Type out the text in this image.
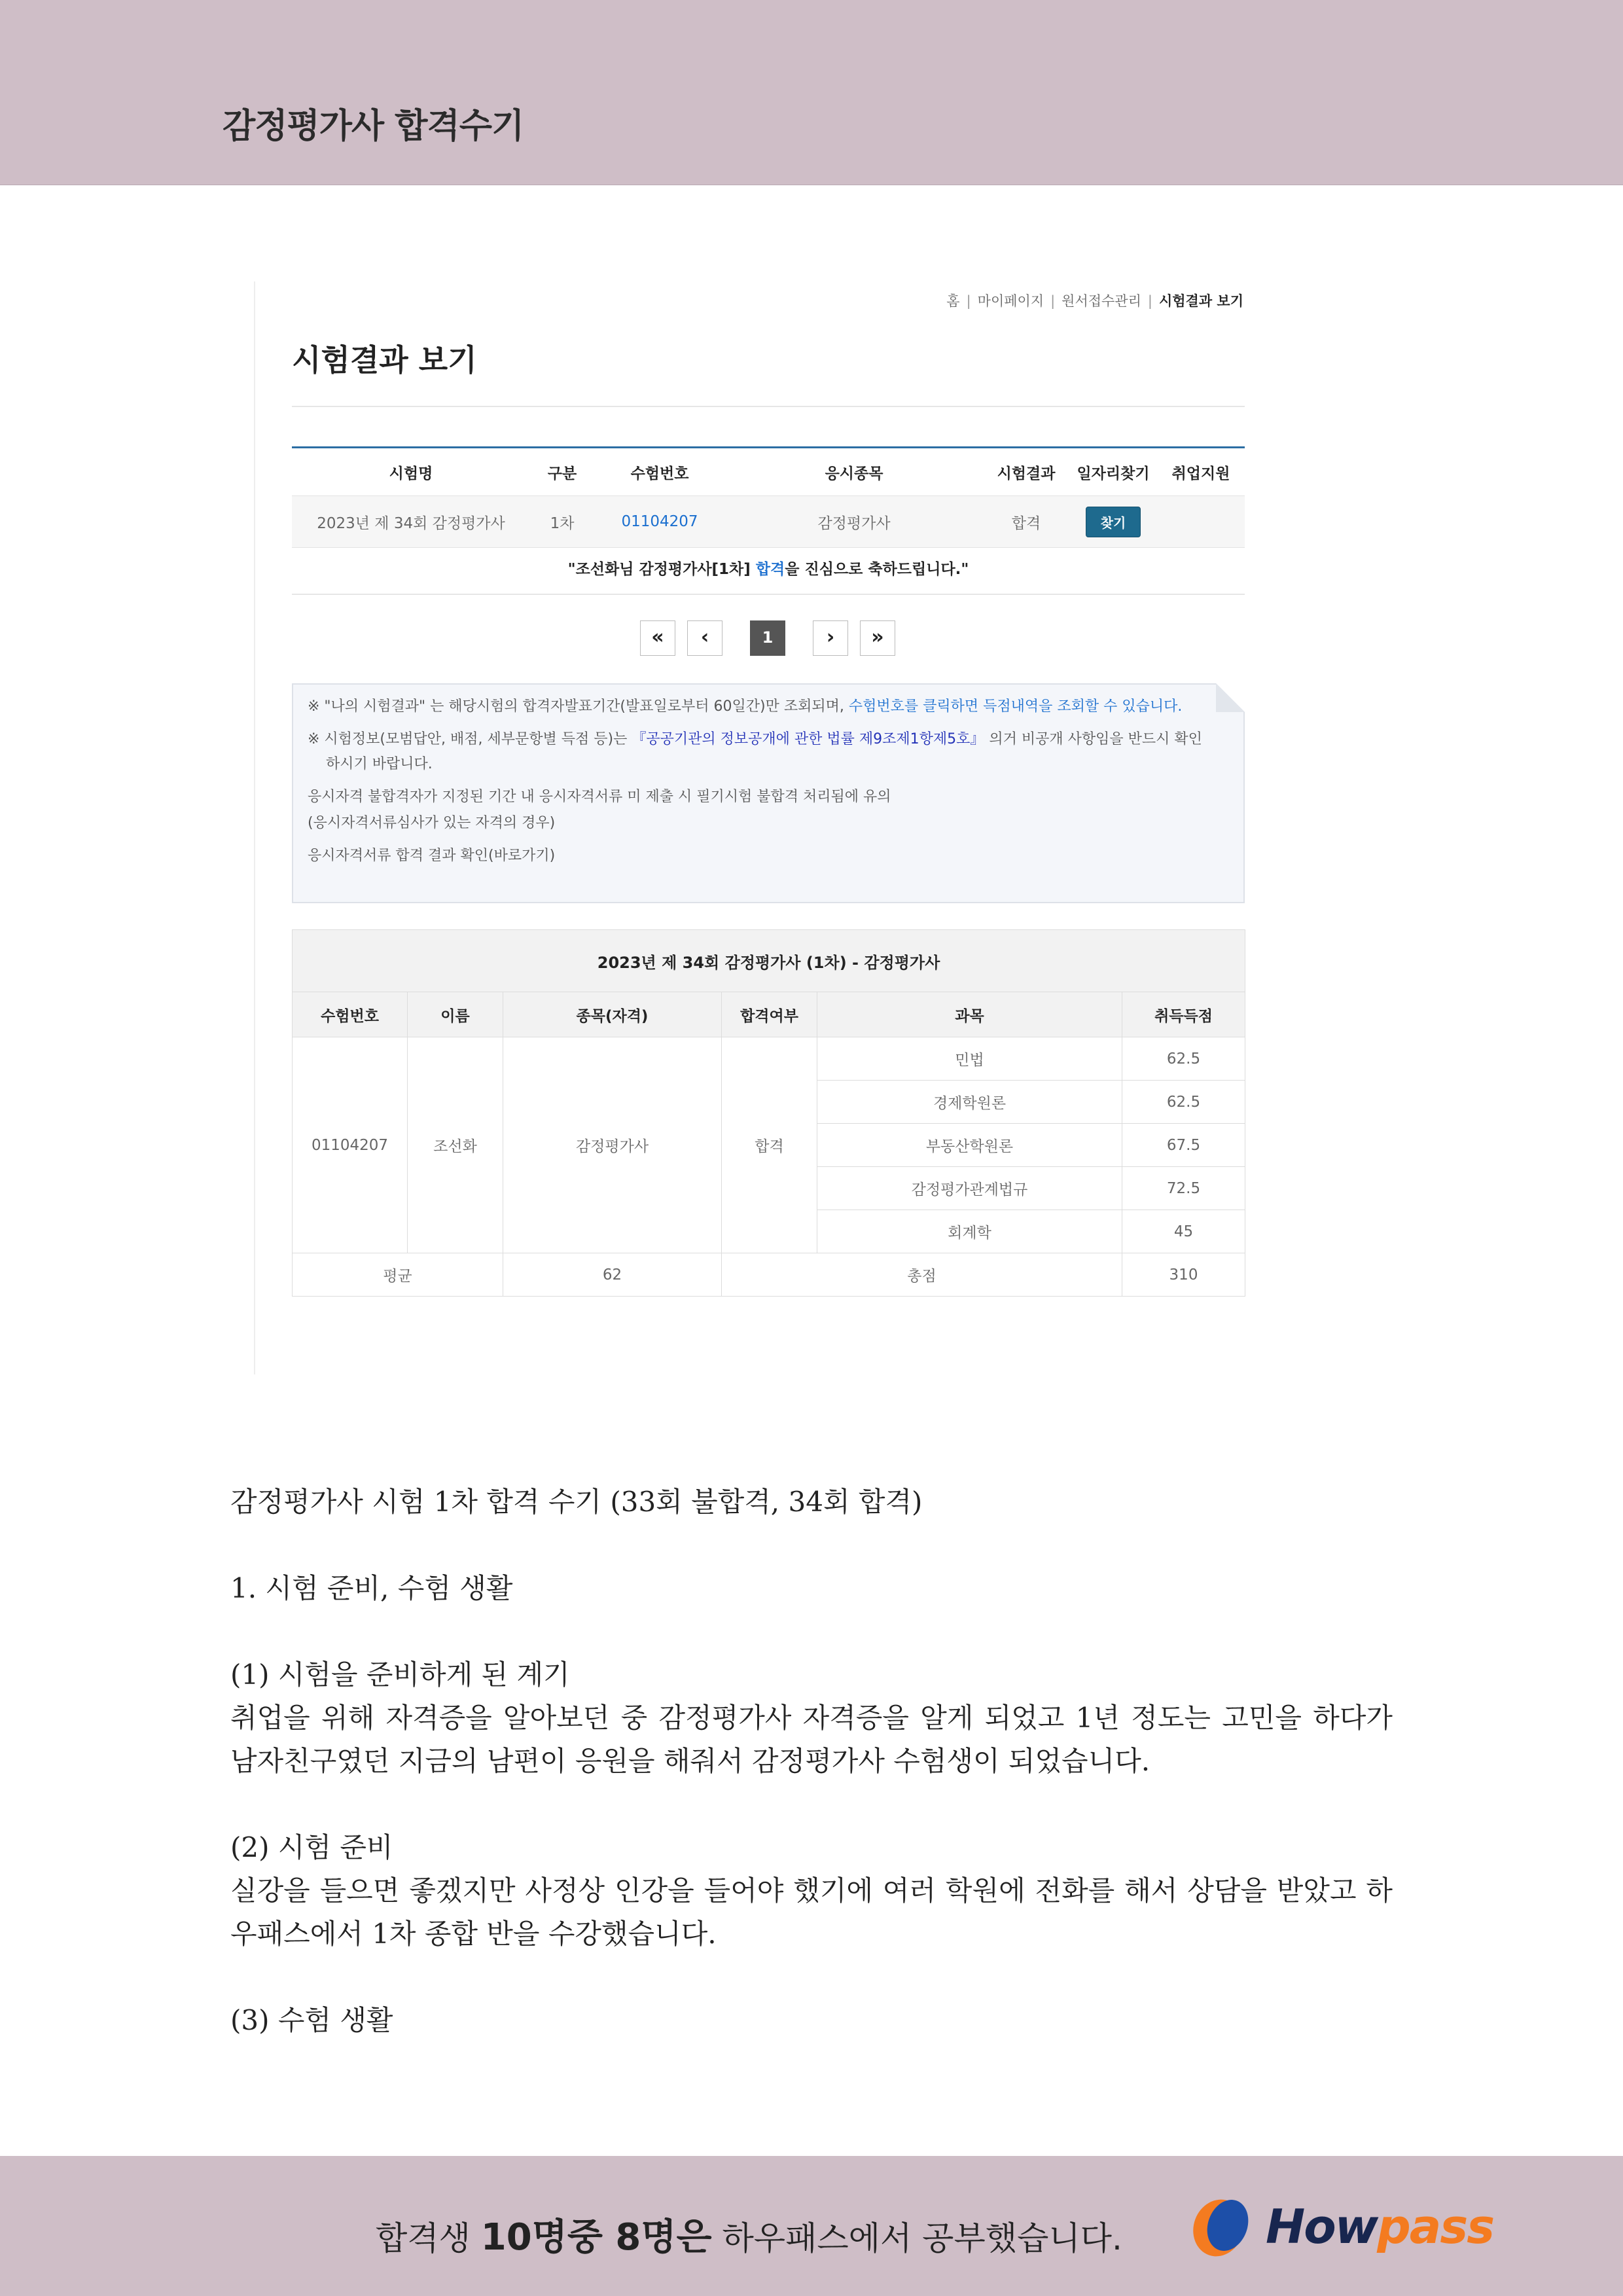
감정평가사 합격수기
홈 | 마이페이지 | 원서접수관리 | 시험결과 보기
시험결과 보기
시험명	구분	수험번호	응시종목	시험결과	일자리찾기	취업지원
2023년 제 34회 감정평가사	1차	01104207	감정평가사	합격	찾기	
"조선화님 감정평가사[1차] 합격을 진심으로 축하드립니다."
«	‹	1	›	»
※ "나의 시험결과" 는 해당시험의 합격자발표기간(발표일로부터 60일간)만 조회되며, 수험번호를 클릭하면 득점내역을 조회할 수 있습니다.
※ 시험정보(모범답안, 배점, 세부문항별 득점 등)는 『공공기관의 정보공개에 관한 법률 제9조제1항제5호』 의거 비공개 사항임을 반드시 확인
하시기 바랍니다.
응시자격 불합격자가 지정된 기간 내 응시자격서류 미 제출 시 필기시험 불합격 처리됨에 유의
(응시자격서류심사가 있는 자격의 경우)
응시자격서류 합격 결과 확인(바로가기)
2023년 제 34회 감정평가사 (1차) - 감정평가사					
수험번호	이름	종목(자격)	합격여부	과목	취득득점
01104207	조선화	감정평가사	합격	민법	62.5
				경제학원론	62.5
				부동산학원론	67.5
				감정평가관계법규	72.5
				회계학	45
평균		62	총점		310

감정평가사 시험 1차 합격 수기 (33회 불합격, 34회 합격)

1. 시험 준비, 수험 생활

(1) 시험을 준비하게 된 계기

취업을 위해 자격증을 알아보던 중 감정평가사 자격증을 알게 되었고 1년 정도는 고민을 하다가 남자친구였던 지금의 남편이 응원을 해줘서 감정평가사 수험생이 되었습니다.

(2) 시험 준비

실강을 들으면 좋겠지만 사정상 인강을 들어야 했기에 여러 학원에 전화를 해서 상담을 받았고 하우패스에서 1차 종합 반을 수강했습니다.

(3) 수험 생활

합격생 10명중 8명은 하우패스에서 공부했습니다.	Howpass
